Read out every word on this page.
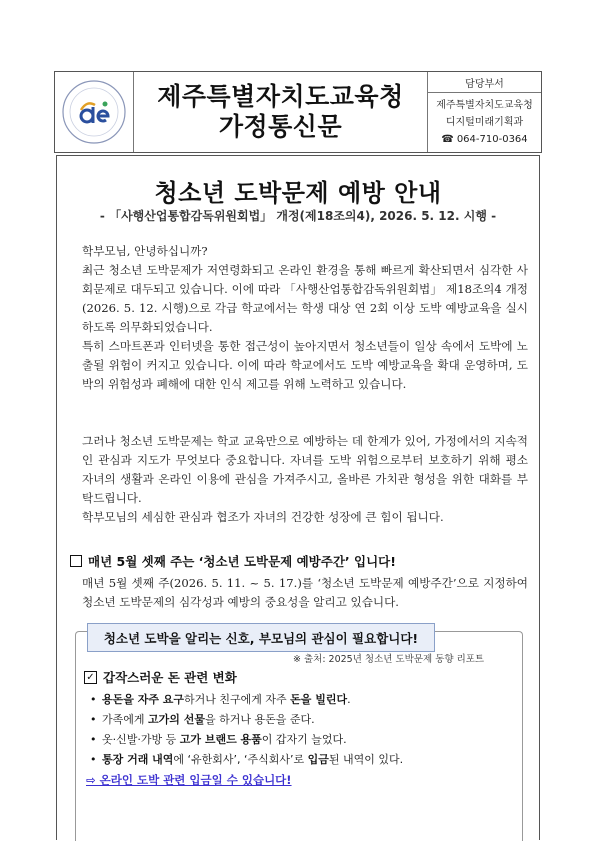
제주특별자치도교육청
가정통신문
담당부서
제주특별자치도교육청
디지털미래기획과
☎ 064-710-0364
청소년 도박문제 예방 안내
- 「사행산업통합감독위원회법」 개정(제18조의4), 2026. 5. 12. 시행 -
학부모님, 안녕하십니까?
최근 청소년 도박문제가 저연령화되고 온라인 환경을 통해 빠르게 확산되면서 심각한 사회문제로 대두되고 있습니다. 이에 따라 「사행산업통합감독위원회법」 제18조의4 개정(2026. 5. 12. 시행)으로 각급 학교에서는 학생 대상 연 2회 이상 도박 예방교육을 실시하도록 의무화되었습니다.
특히 스마트폰과 인터넷을 통한 접근성이 높아지면서 청소년들이 일상 속에서 도박에 노출될 위험이 커지고 있습니다. 이에 따라 학교에서도 도박 예방교육을 확대 운영하며, 도박의 위험성과 폐해에 대한 인식 제고를 위해 노력하고 있습니다.
그러나 청소년 도박문제는 학교 교육만으로 예방하는 데 한계가 있어, 가정에서의 지속적인 관심과 지도가 무엇보다 중요합니다. 자녀를 도박 위험으로부터 보호하기 위해 평소 자녀의 생활과 온라인 이용에 관심을 가져주시고, 올바른 가치관 형성을 위한 대화를 부탁드립니다.
학부모님의 세심한 관심과 협조가 자녀의 건강한 성장에 큰 힘이 됩니다.
매년 5월 셋째 주는 ‘청소년 도박문제 예방주간’ 입니다!
매년 5월 셋째 주(2026. 5. 11. ~ 5. 17.)를 ‘청소년 도박문제 예방주간’으로 지정하여 청소년 도박문제의 심각성과 예방의 중요성을 알리고 있습니다.
✓ 갑작스러운 돈 관련 변화
• 용돈을 자주 요구하거나 친구에게 자주 돈을 빌린다.
• 가족에게 고가의 선물을 하거나 용돈을 준다.
• 옷·신발·가방 등 고가 브랜드 용품이 갑자기 늘었다.
• 통장 거래 내역에 ‘유한회사’, ‘주식회사’로 입금된 내역이 있다.
⇨ 온라인 도박 관련 입금일 수 있습니다!
청소년 도박을 알리는 신호, 부모님의 관심이 필요합니다!
※ 출처: 2025년 청소년 도박문제 동향 리포트
